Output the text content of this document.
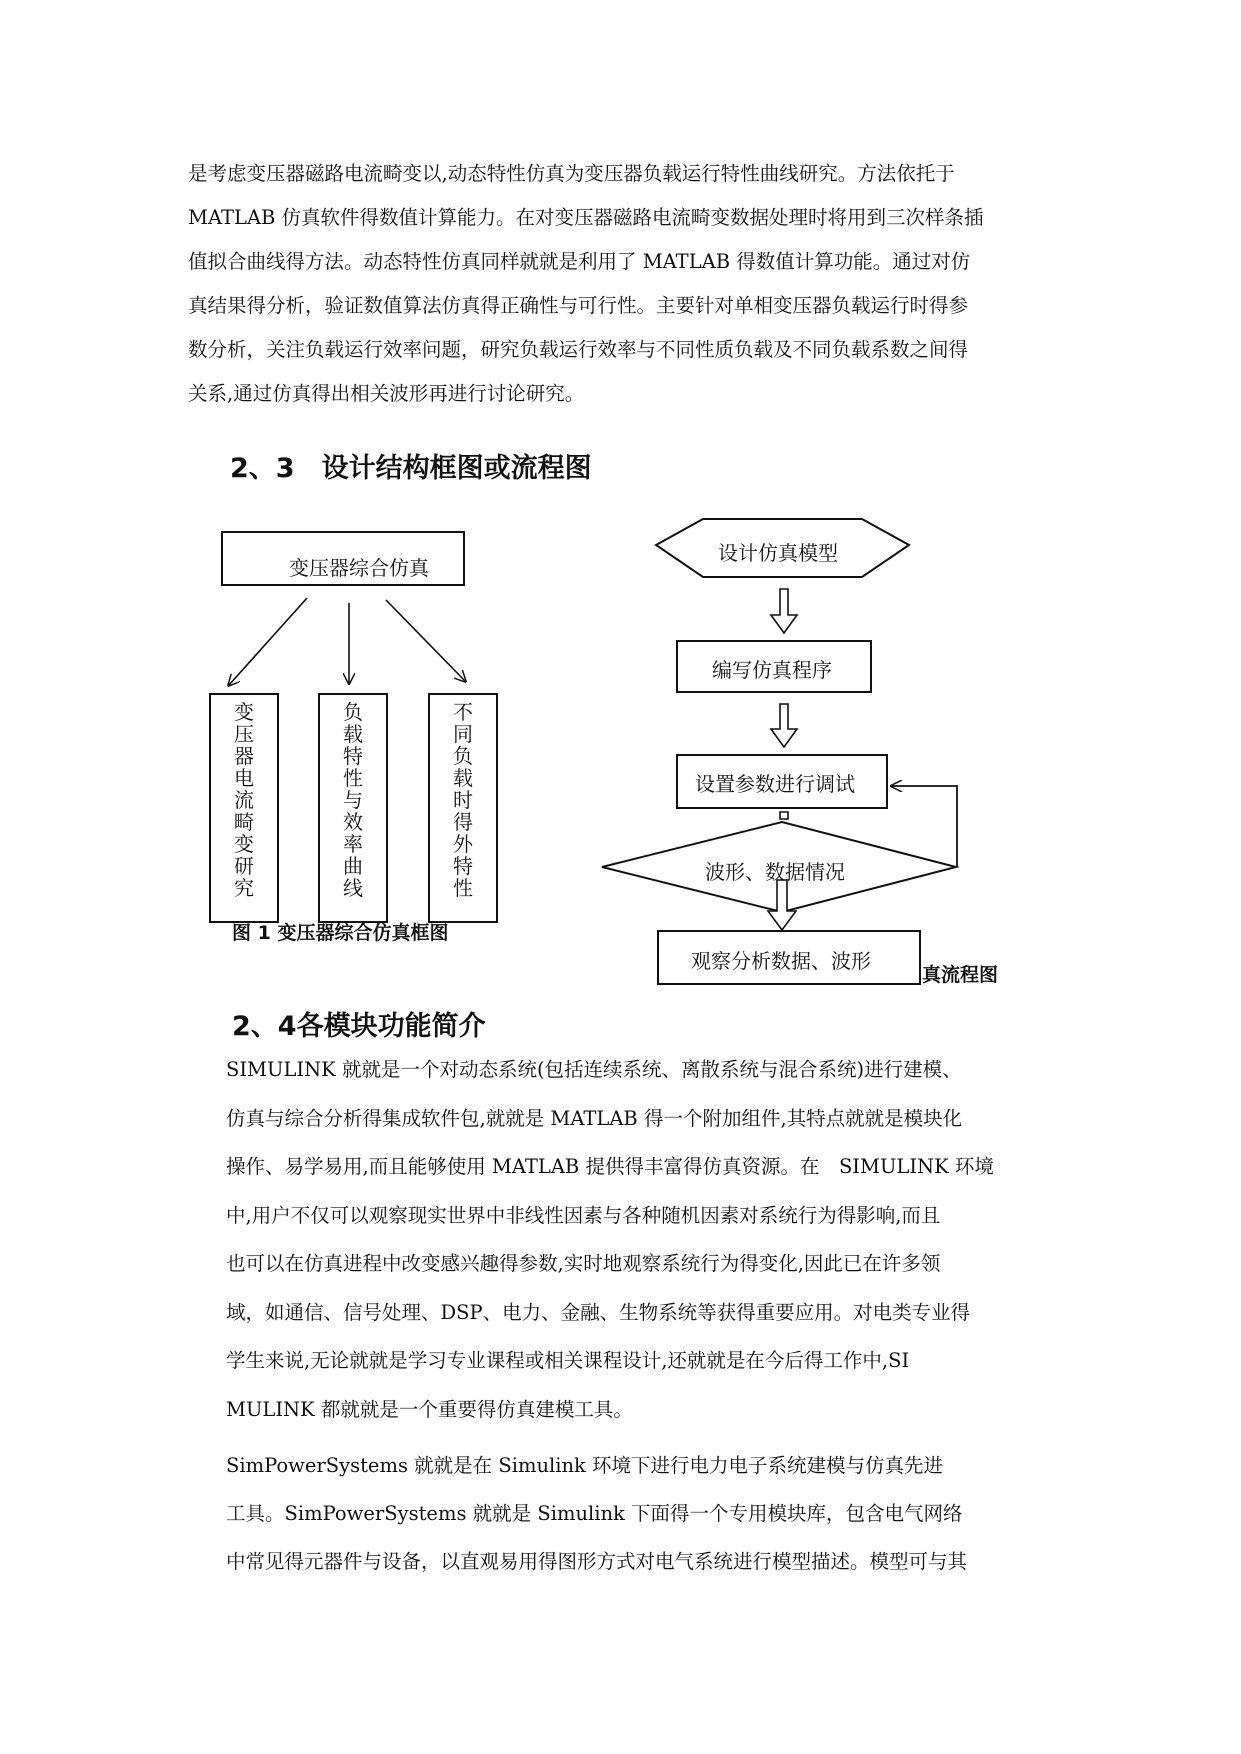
是考虑变压器磁路电流畸变以,动态特性仿真为变压器负载运行特性曲线研究。方法依托于
MATLAB 仿真软件得数值计算能力。在对变压器磁路电流畸变数据处理时将用到三次样条插
值拟合曲线得方法。动态特性仿真同样就就是利用了 MATLAB 得数值计算功能。通过对仿
真结果得分析，验证数值算法仿真得正确性与可行性。主要针对单相变压器负载运行时得参
数分析，关注负载运行效率问题，研究负载运行效率与不同性质负载及不同负载系数之间得
关系,通过仿真得出相关波形再进行讨论研究。
2、3　设计结构框图或流程图
变压器综合仿真
变压器电流畸变研究
负载特性与效率曲线
不同负载时得外特性
图 1 变压器综合仿真框图
设计仿真模型
编写仿真程序
设置参数进行调试
波形、数据情况
观察分析数据、波形
真流程图
2、4各模块功能简介
SIMULINK 就就是一个对动态系统(包括连续系统、离散系统与混合系统)进行建模、
仿真与综合分析得集成软件包,就就是 MATLAB 得一个附加组件,其特点就就是模块化
操作、易学易用,而且能够使用 MATLAB 提供得丰富得仿真资源。在　SIMULINK 环境
中,用户不仅可以观察现实世界中非线性因素与各种随机因素对系统行为得影响,而且
也可以在仿真进程中改变感兴趣得参数,实时地观察系统行为得变化,因此已在许多领
域，如通信、信号处理、DSP、电力、金融、生物系统等获得重要应用。对电类专业得
学生来说,无论就就是学习专业课程或相关课程设计,还就就是在今后得工作中,SI
MULINK 都就就是一个重要得仿真建模工具。
SimPowerSystems 就就是在 Simulink 环境下进行电力电子系统建模与仿真先进
工具。SimPowerSystems 就就是 Simulink 下面得一个专用模块库，包含电气网络
中常见得元器件与设备，以直观易用得图形方式对电气系统进行模型描述。模型可与其
